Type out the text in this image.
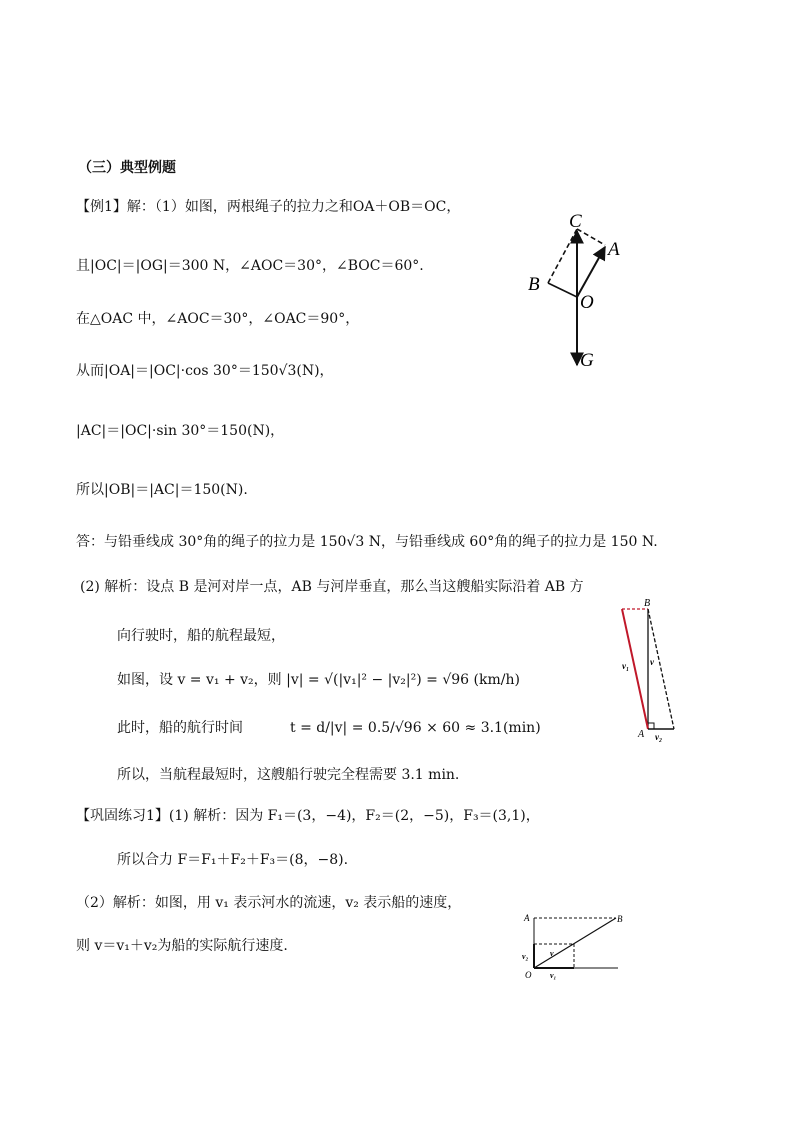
（三）典型例题
【例1】解：（1）如图，两根绳子的拉力之和OA＋OB＝OC，
且|OC|＝|OG|＝300 N，∠AOC＝30°，∠BOC＝60°.
在△OAC 中，∠AOC＝30°，∠OAC＝90°，
从而|OA|＝|OC|·cos 30°＝150√3(N)，
|AC|＝|OC|·sin 30°＝150(N)，
所以|OB|＝|AC|＝150(N).
答：与铅垂线成 30°角的绳子的拉力是 150√3 N，与铅垂线成 60°角的绳子的拉力是 150 N.
C
A
B
O
G
(2) 解析：设点 B 是河对岸一点，AB 与河岸垂直，那么当这艘船实际沿着 AB 方
向行驶时，船的航程最短，
如图，设 v = v₁ + v₂，则 |v| = √(|v₁|² − |v₂|²) = √96 (km/h)
此时，船的航行时间	t = d/|v| = 0.5/√96 × 60 ≈ 3.1(min)
所以，当航程最短时，这艘船行驶完全程需要 3.1 min.
B
A
v₁ v
v₂
【巩固练习1】(1) 解析：因为 F₁＝(3，−4)，F₂＝(2，−5)，F₃＝(3,1)，
所以合力 F＝F₁＋F₂＋F₃＝(8，−8).
（2）解析：如图，用 v₁ 表示河水的流速，v₂ 表示船的速度，
则 v＝v₁＋v₂为船的实际航行速度.
A	B
O
v₂	v
v₁
